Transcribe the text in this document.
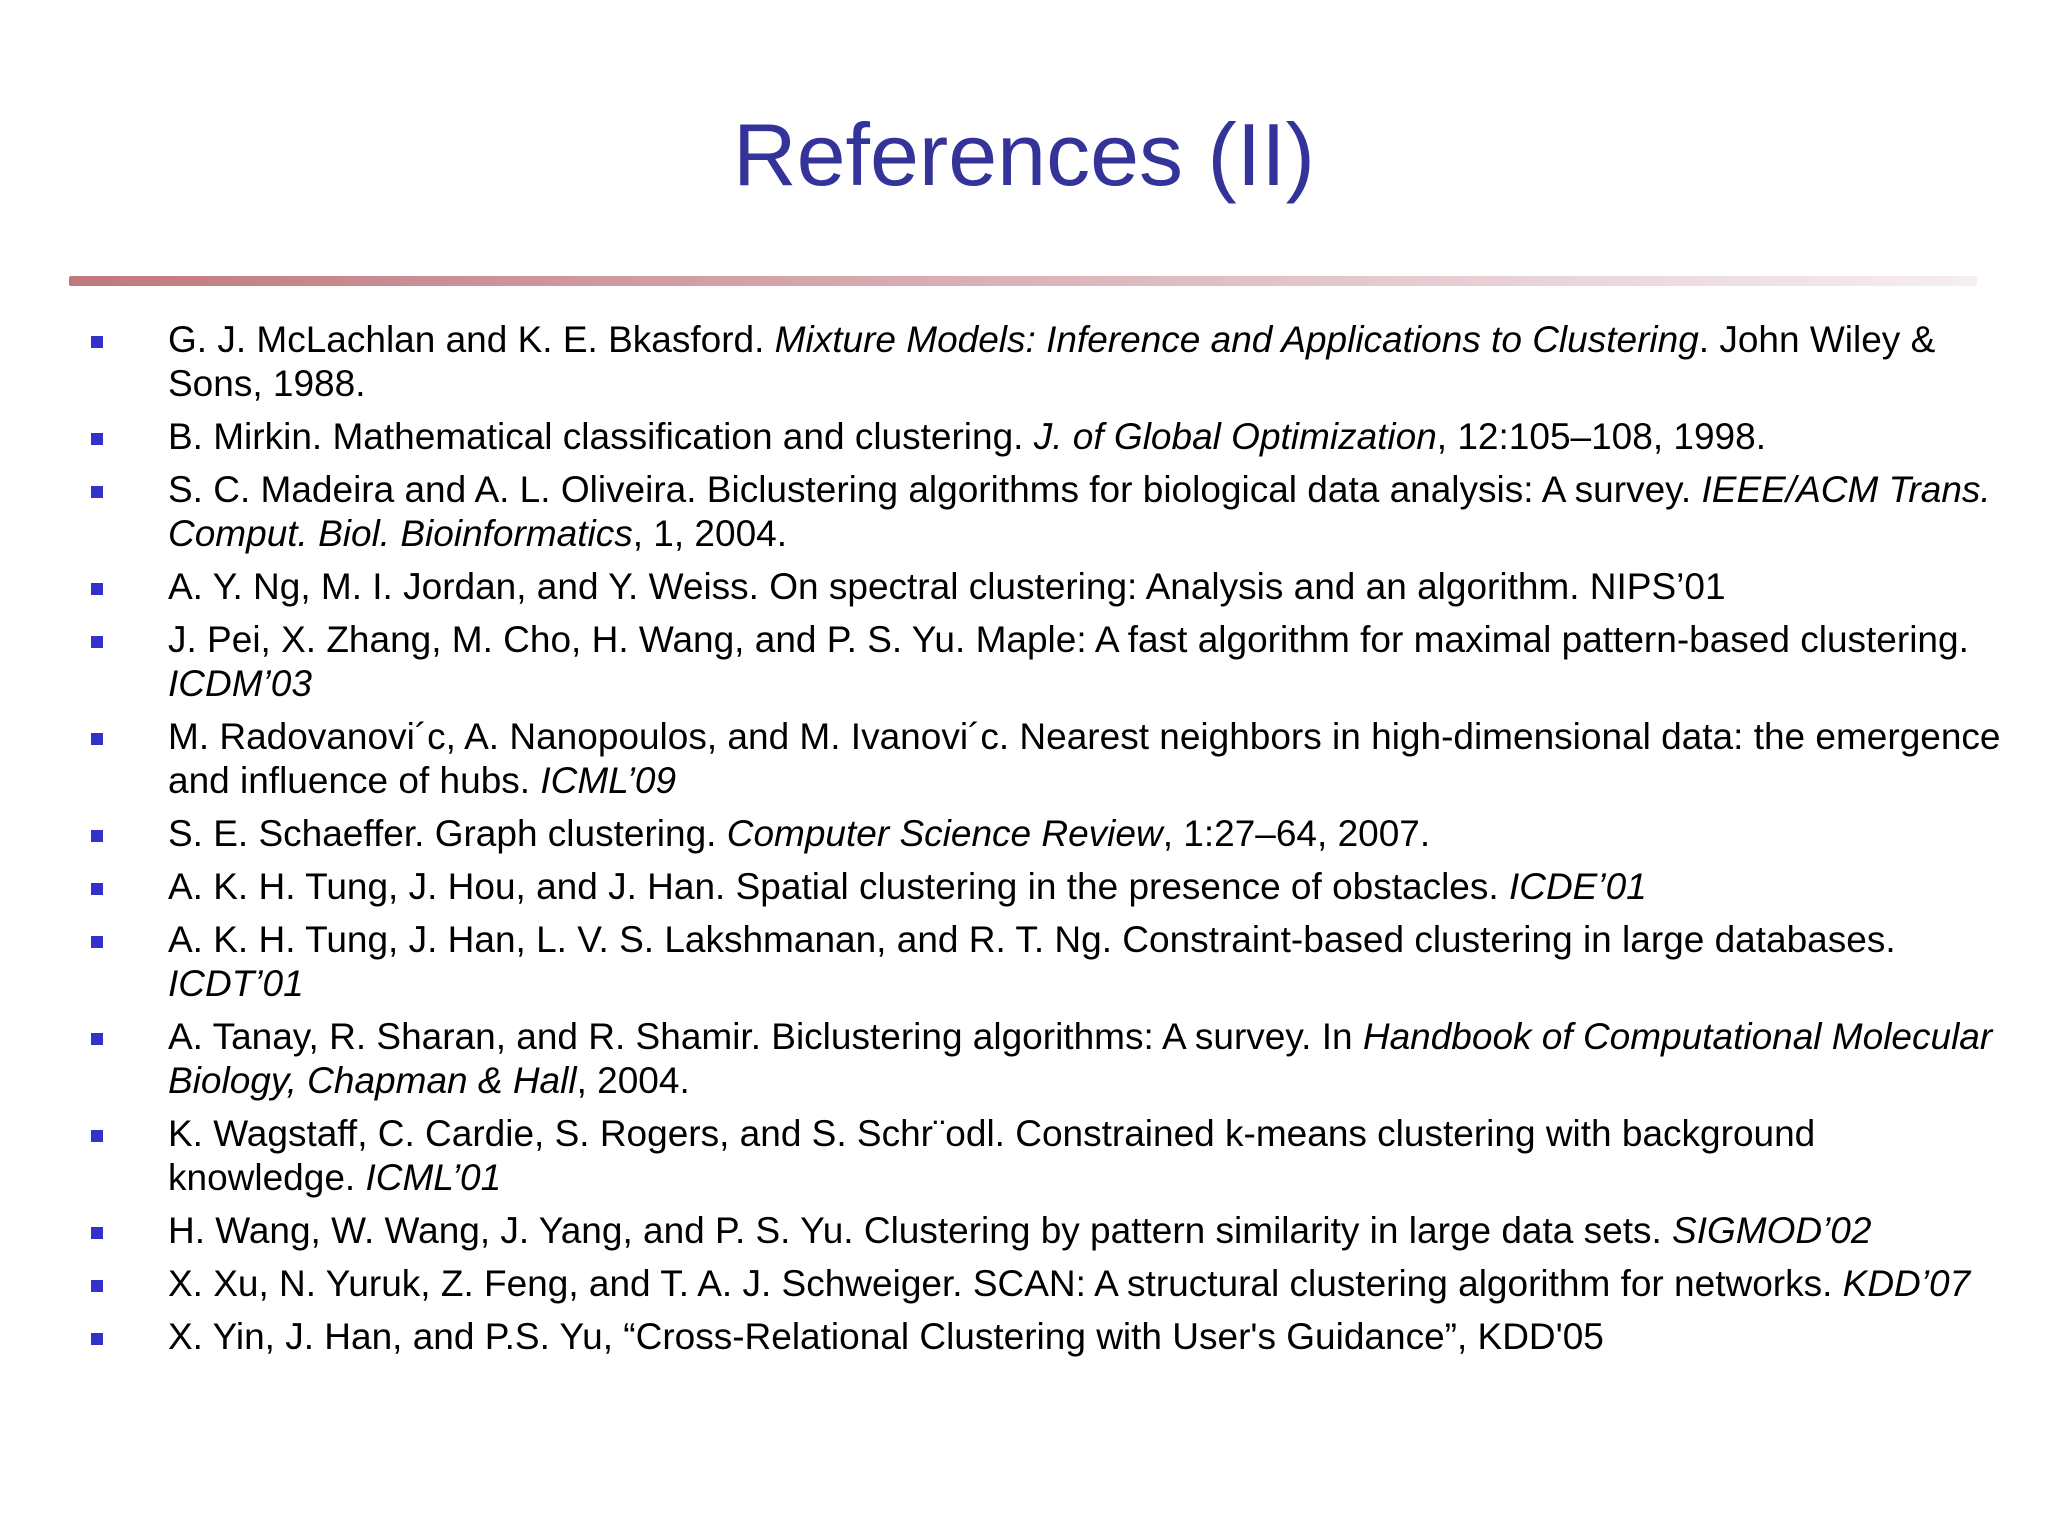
References (II)
G. J. McLachlan and K. E. Bkasford. Mixture Models: Inference and Applications to Clustering. John Wiley & Sons, 1988.
B. Mirkin. Mathematical classification and clustering. J. of Global Optimization, 12:105–108, 1998.
S. C. Madeira and A. L. Oliveira. Biclustering algorithms for biological data analysis: A survey. IEEE/ACM Trans. Comput. Biol. Bioinformatics, 1, 2004.
A. Y. Ng, M. I. Jordan, and Y. Weiss. On spectral clustering: Analysis and an algorithm. NIPS’01
J. Pei, X. Zhang, M. Cho, H. Wang, and P. S. Yu. Maple: A fast algorithm for maximal pattern-based clustering. ICDM’03
M. Radovanovi´c, A. Nanopoulos, and M. Ivanovi´c. Nearest neighbors in high-dimensional data: the emergence and influence of hubs. ICML’09
S. E. Schaeffer. Graph clustering. Computer Science Review, 1:27–64, 2007.
A. K. H. Tung, J. Hou, and J. Han. Spatial clustering in the presence of obstacles. ICDE’01
A. K. H. Tung, J. Han, L. V. S. Lakshmanan, and R. T. Ng. Constraint-based clustering in large databases. ICDT’01
A. Tanay, R. Sharan, and R. Shamir. Biclustering algorithms: A survey. In Handbook of Computational Molecular Biology, Chapman & Hall, 2004.
K. Wagstaff, C. Cardie, S. Rogers, and S. Schr¨odl. Constrained k-means clustering with background knowledge. ICML’01
H. Wang, W. Wang, J. Yang, and P. S. Yu. Clustering by pattern similarity in large data sets. SIGMOD’02
X. Xu, N. Yuruk, Z. Feng, and T. A. J. Schweiger. SCAN: A structural clustering algorithm for networks. KDD’07
X. Yin, J. Han, and P.S. Yu, “Cross-Relational Clustering with User's Guidance”, KDD'05
